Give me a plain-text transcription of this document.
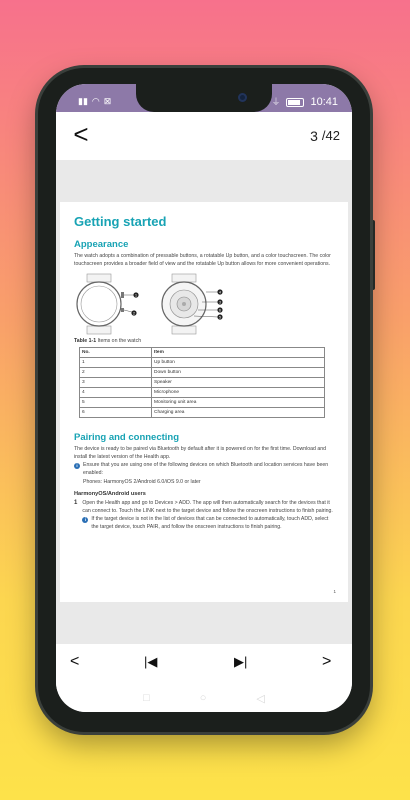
▮▮ ◠ ⊠	⏚	10:41
<	3 /42
Getting started
Appearance
The watch adopts a combination of pressable buttons, a rotatable Up button, and a color touchscreen. The color touchscreen provides a broader field of view and the rotatable Up button allows for more convenient operations.
1
2
4
3
6
5
Table 1-1 Items on the watch
No.	Item
1	Up button
2	Down button
3	Speaker
4	Microphone
5	Monitoring unit area
6	Charging area
Pairing and connecting
The device is ready to be paired via Bluetooth by default after it is powered on for the first time. Download and install the latest version of the Health app.
i	Ensure that you are using one of the following devices on which Bluetooth and location services have been enabled:
Phones: HarmonyOS 2/Android 6.0/iOS 9.0 or later
HarmonyOS/Android users
1 Open the Health app and go to Devices > ADD. The app will then automatically search for the devices that it can connect to. Touch the LINK next to the target device and follow the onscreen instructions to finish pairing.
i	If the target device is not in the list of devices that can be connected to automatically, touch ADD, select the target device, touch PAIR, and follow the onscreen instructions to finish pairing.
1
<	|◀	▶|	>
□	○	◁
